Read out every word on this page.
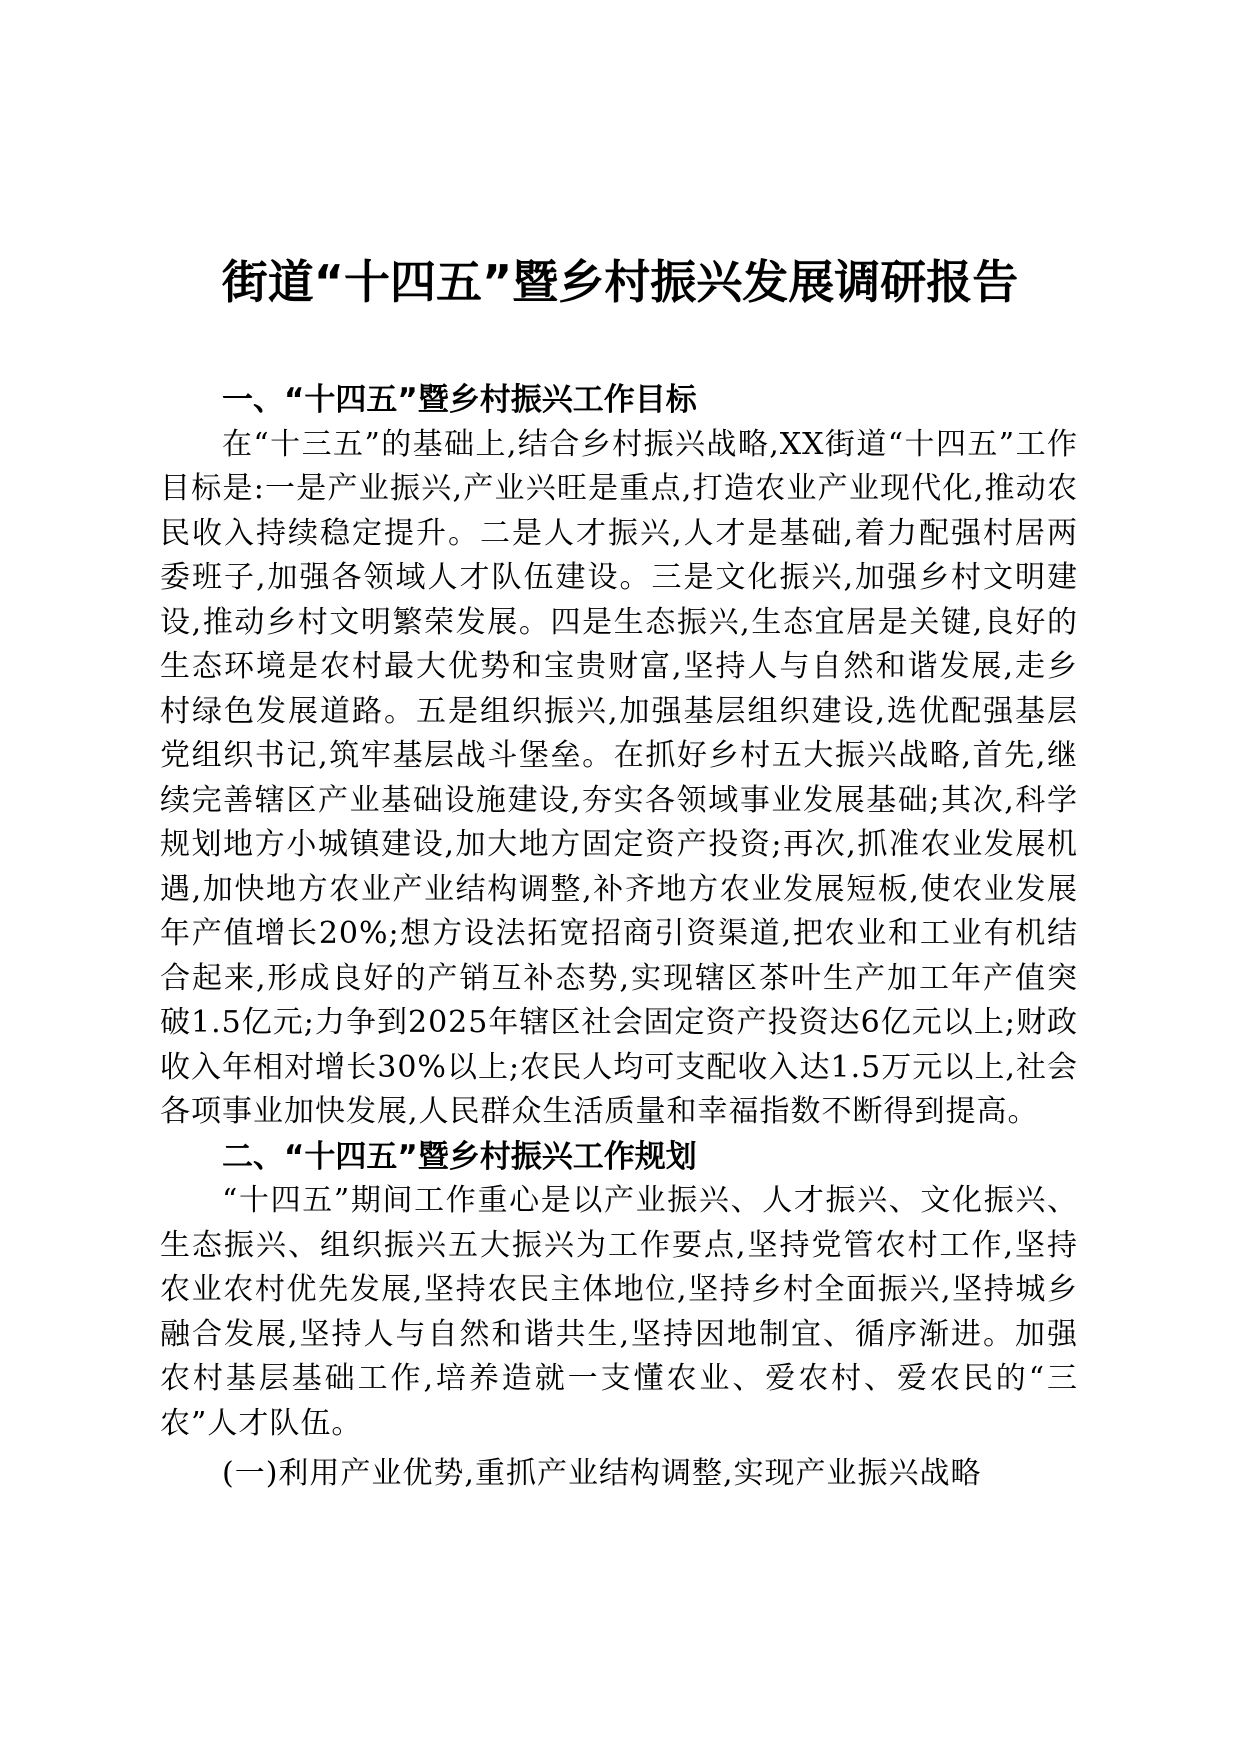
街道“十四五”暨乡村振兴发展调研报告
一、“十四五”暨乡村振兴工作目标

在“十三五”的基础上,结合乡村振兴战略,XX街道“十四五”工作目标是:一是产业振兴,产业兴旺是重点,打造农业产业现代化,推动农民收入持续稳定提升。二是人才振兴,人才是基础,着力配强村居两委班子,加强各领域人才队伍建设。三是文化振兴,加强乡村文明建设,推动乡村文明繁荣发展。四是生态振兴,生态宜居是关键,良好的生态环境是农村最大优势和宝贵财富,坚持人与自然和谐发展,走乡村绿色发展道路。五是组织振兴,加强基层组织建设,选优配强基层党组织书记,筑牢基层战斗堡垒。在抓好乡村五大振兴战略,首先,继续完善辖区产业基础设施建设,夯实各领域事业发展基础;其次,科学规划地方小城镇建设,加大地方固定资产投资;再次,抓准农业发展机遇,加快地方农业产业结构调整,补齐地方农业发展短板,使农业发展年产值增长20%;想方设法拓宽招商引资渠道,把农业和工业有机结合起来,形成良好的产销互补态势,实现辖区茶叶生产加工年产值突破1.5亿元;力争到2025年辖区社会固定资产投资达6亿元以上;财政收入年相对增长30%以上;农民人均可支配收入达1.5万元以上,社会各项事业加快发展,人民群众生活质量和幸福指数不断得到提高。

二、“十四五”暨乡村振兴工作规划

“十四五”期间工作重心是以产业振兴、人才振兴、文化振兴、生态振兴、组织振兴五大振兴为工作要点,坚持党管农村工作,坚持农业农村优先发展,坚持农民主体地位,坚持乡村全面振兴,坚持城乡融合发展,坚持人与自然和谐共生,坚持因地制宜、循序渐进。加强农村基层基础工作,培养造就一支懂农业、爱农村、爱农民的“三农”人才队伍。

(一)利用产业优势,重抓产业结构调整,实现产业振兴战略
